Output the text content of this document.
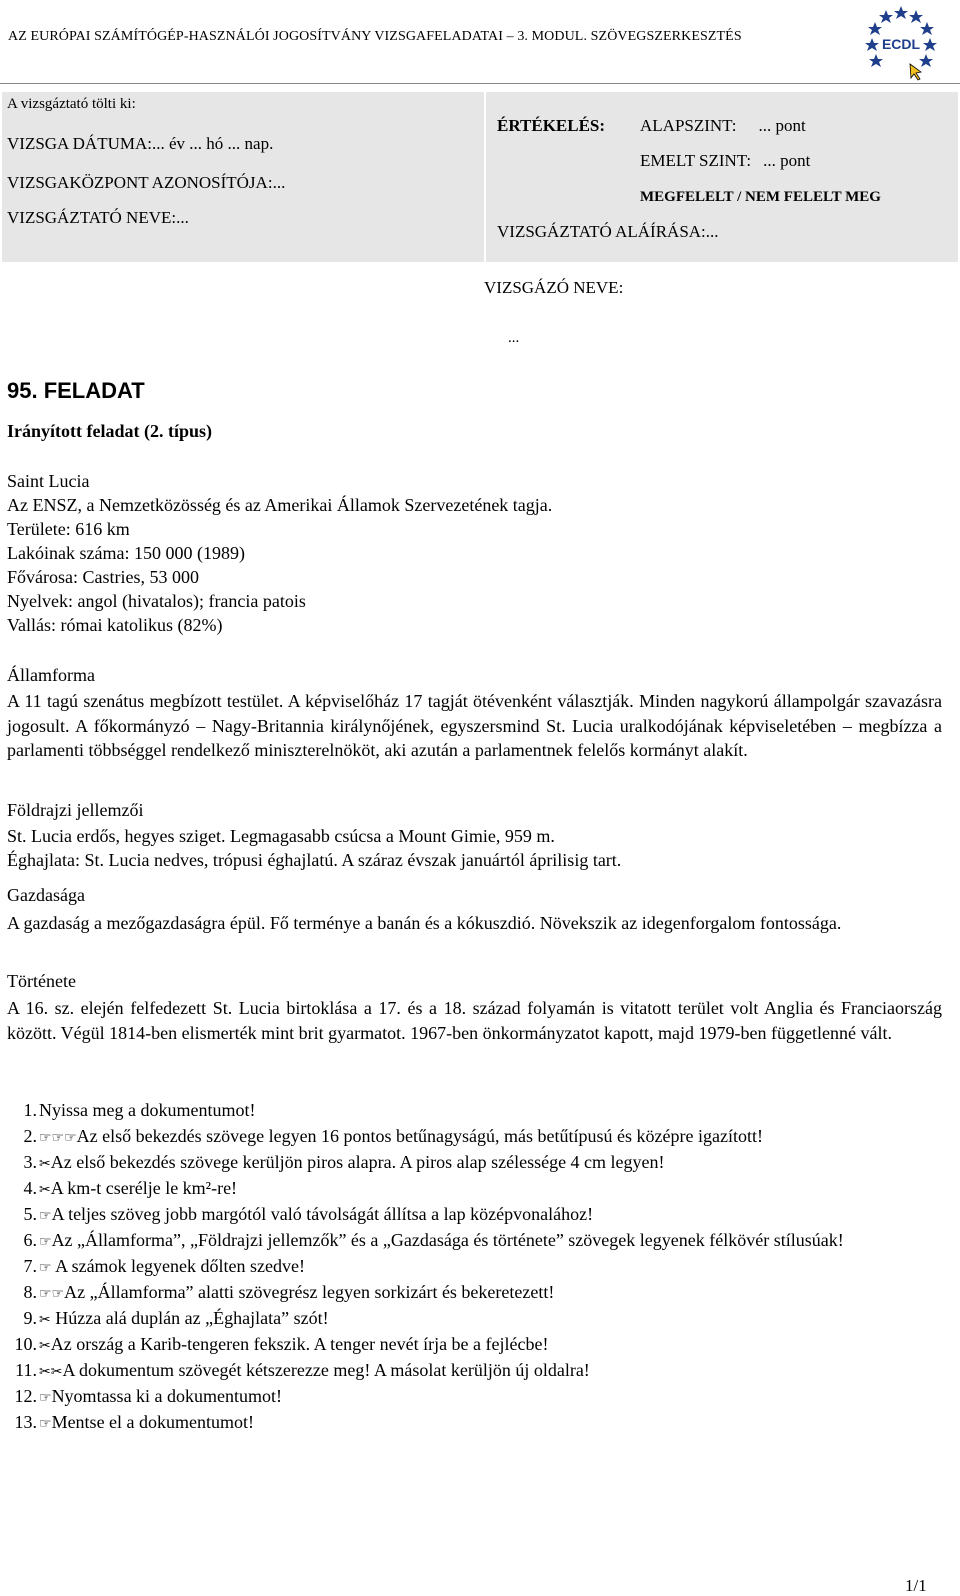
AZ EURÓPAI SZÁMÍTÓGÉP-HASZNÁLÓI JOGOSÍTVÁNY VIZSGAFELADATAI – 3. MODUL. SZÖVEGSZERKESZTÉS	ECDL
A vizsgáztató tölti ki:
VIZSGA DÁTUMA:... év ... hó ... nap.
VIZSGAKÖZPONT AZONOSÍTÓJA:...
VIZSGÁZTATÓ NEVE:...
ÉRTÉKELÉS: ALAPSZINT: ... pont
EMELT SZINT: ... pont
MEGFELELT / NEM FELELT MEG
VIZSGÁZTATÓ ALÁÍRÁSA:...
VIZSGÁZÓ NEVE:
...
95. FELADAT
Irányított feladat (2. típus)
Saint Lucia
Az ENSZ, a Nemzetközösség és az Amerikai Államok Szervezetének tagja.
Területe: 616 km
Lakóinak száma: 150 000 (1989)
Fővárosa: Castries, 53 000
Nyelvek: angol (hivatalos); francia patois
Vallás: római katolikus (82%)
Államforma
A 11 tagú szenátus megbízott testület. A képviselőház 17 tagját ötévenként választják. Minden nagykorú állampolgár szavazásra jogosult. A főkormányzó – Nagy-Britannia királynőjének, egyszersmind St. Lucia uralkodójának képviseletében – megbízza a parlamenti többséggel rendelkező miniszterelnököt, aki azután a parlamentnek felelős kormányt alakít.
Földrajzi jellemzői
St. Lucia erdős, hegyes sziget. Legmagasabb csúcsa a Mount Gimie, 959 m.
Éghajlata: St. Lucia nedves, trópusi éghajlatú. A száraz évszak januártól áprilisig tart.
Gazdasága
A gazdaság a mezőgazdaságra épül. Fő terménye a banán és a kókuszdió. Növekszik az idegenforgalom fontossága.
Története
A 16. sz. elején felfedezett St. Lucia birtoklása a 17. és a 18. század folyamán is vitatott terület volt Anglia és Franciaország között. Végül 1814-ben elismerték mint brit gyarmatot. 1967-ben önkormányzatot kapott, majd 1979-ben függetlenné vált.
1. Nyissa meg a dokumentumot!
2. ☞☞☞Az első bekezdés szövege legyen 16 pontos betűnagyságú, más betűtípusú és középre igazított!
3. ✂Az első bekezdés szövege kerüljön piros alapra. A piros alap szélessége 4 cm legyen!
4. ✂A km-t cserélje le km²-re!
5. ☞A teljes szöveg jobb margótól való távolságát állítsa a lap középvonalához!
6. ☞Az „Államforma”, „Földrajzi jellemzők” és a „Gazdasága és története” szövegek legyenek félkövér stílusúak!
7. ☞ A számok legyenek dőlten szedve!
8. ☞☞Az „Államforma” alatti szövegrész legyen sorkizárt és bekeretezett!
9. ✂ Húzza alá duplán az „Éghajlata” szót!
10. ✂Az ország a Karib-tengeren fekszik. A tenger nevét írja be a fejlécbe!
11. ✂✂A dokumentum szövegét kétszerezze meg! A másolat kerüljön új oldalra!
12. ☞Nyomtassa ki a dokumentumot!
13. ☞Mentse el a dokumentumot!
1/1
